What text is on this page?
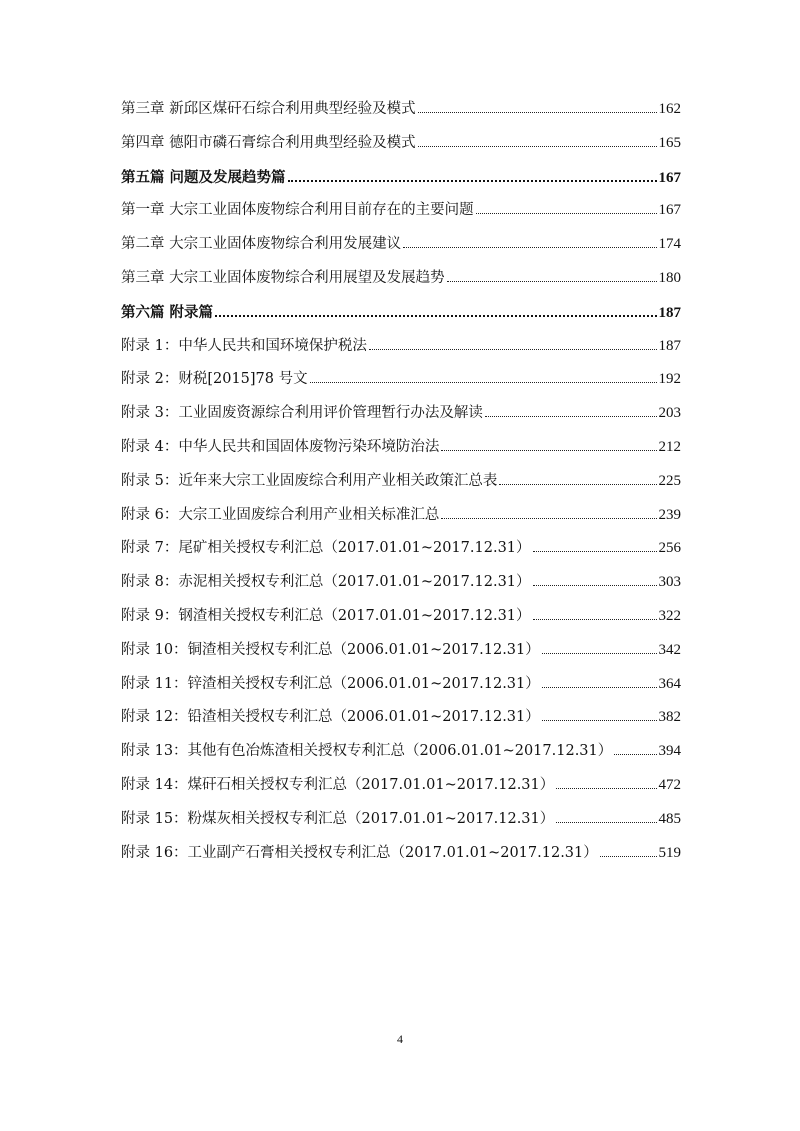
第三章 新邱区煤矸石综合利用典型经验及模式	162
第四章 德阳市磷石膏综合利用典型经验及模式	165
第五篇 问题及发展趋势篇	167
第一章 大宗工业固体废物综合利用目前存在的主要问题	167
第二章 大宗工业固体废物综合利用发展建议	174
第三章 大宗工业固体废物综合利用展望及发展趋势	180
第六篇 附录篇	187
附录 1：中华人民共和国环境保护税法	187
附录 2：财税[2015]78 号文	192
附录 3：工业固废资源综合利用评价管理暂行办法及解读	203
附录 4：中华人民共和国固体废物污染环境防治法	212
附录 5：近年来大宗工业固废综合利用产业相关政策汇总表	225
附录 6：大宗工业固废综合利用产业相关标准汇总	239
附录 7：尾矿相关授权专利汇总（2017.01.01~2017.12.31）	256
附录 8：赤泥相关授权专利汇总（2017.01.01~2017.12.31）	303
附录 9：钢渣相关授权专利汇总（2017.01.01~2017.12.31）	322
附录 10：铜渣相关授权专利汇总（2006.01.01~2017.12.31）	342
附录 11：锌渣相关授权专利汇总（2006.01.01~2017.12.31）	364
附录 12：铅渣相关授权专利汇总（2006.01.01~2017.12.31）	382
附录 13：其他有色冶炼渣相关授权专利汇总（2006.01.01~2017.12.31）	394
附录 14：煤矸石相关授权专利汇总（2017.01.01~2017.12.31）	472
附录 15：粉煤灰相关授权专利汇总（2017.01.01~2017.12.31）	485
附录 16：工业副产石膏相关授权专利汇总（2017.01.01~2017.12.31）	519
4
